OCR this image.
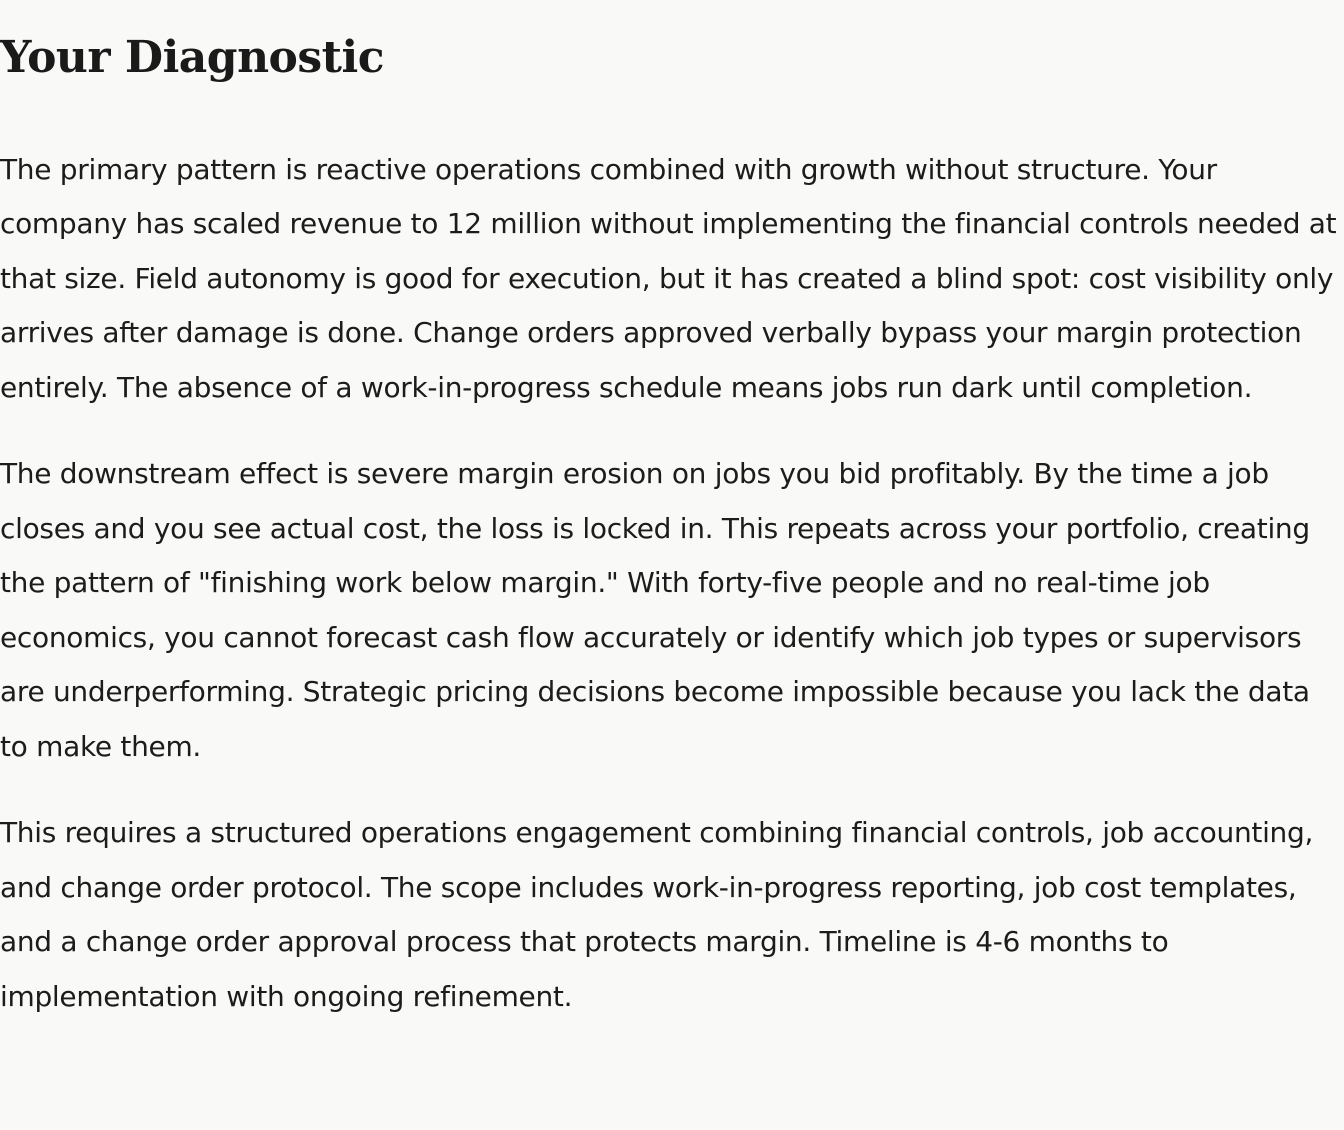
Your Diagnostic

The primary pattern is reactive operations combined with growth without structure. Your company has scaled revenue to 12 million without implementing the financial controls needed at that size. Field autonomy is good for execution, but it has created a blind spot: cost visibility only arrives after damage is done. Change orders approved verbally bypass your margin protection entirely. The absence of a work-in-progress schedule means jobs run dark until completion.

The downstream effect is severe margin erosion on jobs you bid profitably. By the time a job closes and you see actual cost, the loss is locked in. This repeats across your portfolio, creating the pattern of "finishing work below margin." With forty-five people and no real-time job economics, you cannot forecast cash flow accurately or identify which job types or supervisors are underperforming. Strategic pricing decisions become impossible because you lack the data to make them.

This requires a structured operations engagement combining financial controls, job accounting, and change order protocol. The scope includes work-in-progress reporting, job cost templates, and a change order approval process that protects margin. Timeline is 4-6 months to implementation with ongoing refinement.
